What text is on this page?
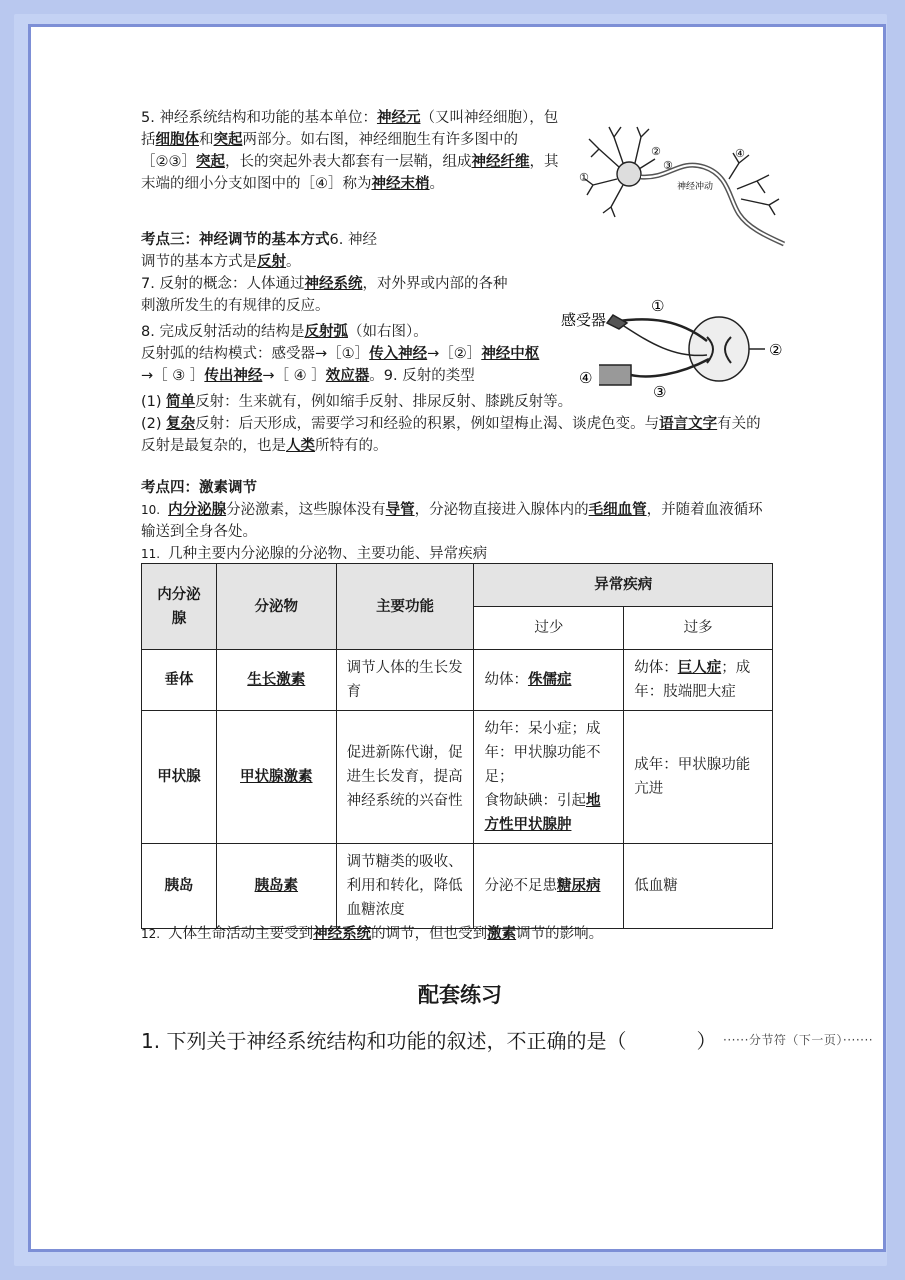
5. 神经系统结构和功能的基本单位：神经元（又叫神经细胞），包括细胞体和突起两部分。如右图，神经细胞生有许多图中的［②③］突起，长的突起外表大都套有一层鞘，组成神经纤维，其末端的细小分支如图中的［④］称为神经末梢。

考点三：神经调节的基本方式6. 神经调节的基本方式是反射。

7. 反射的概念：人体通过神经系统，对外界或内部的各种刺激所发生的有规律的反应。

8. 完成反射活动的结构是反射弧（如右图）。
反射弧的结构模式：感受器→［①］传入神经→［②］神经中枢→［ ③ ］传出神经→［ ④ ］效应器。9. 反射的类型

(1) 简单反射：生来就有，例如缩手反射、排尿反射、膝跳反射等。

(2) 复杂反射：后天形成，需要学习和经验的积累，例如望梅止渴、谈虎色变。与语言文字有关的反射是最复杂的，也是人类所特有的。

考点四：激素调节

10. 内分泌腺分泌激素，这些腺体没有导管，分泌物直接进入腺体内的毛细血管，并随着血液循环输送到全身各处。

11. 几种主要内分泌腺的分泌物、主要功能、异常疾病

①
②
③
④
神经冲动
感受器
①
②
③
④
内分泌腺	分泌物	主要功能	异常疾病	
			过少	过多
垂体	生长激素	调节人体的生长发育	幼体：侏儒症	幼体：巨人症；成年：肢端肥大症
甲状腺	甲状腺激素	促进新陈代谢，促进生长发育，提高神经系统的兴奋性	幼年：呆小症；成年：甲状腺功能不足；
食物缺碘：引起地方性甲状腺肿	成年：甲状腺功能亢进
胰岛	胰岛素	调节糖类的吸收、利用和转化，降低血糖浓度	分泌不足患糖尿病	低血糖

12. 人体生命活动主要受到神经系统的调节，但也受到激素调节的影响。

配套练习
1. 下列关于神经系统结构和功能的叙述，不正确的是（	） ······分节符（下一页）·······
